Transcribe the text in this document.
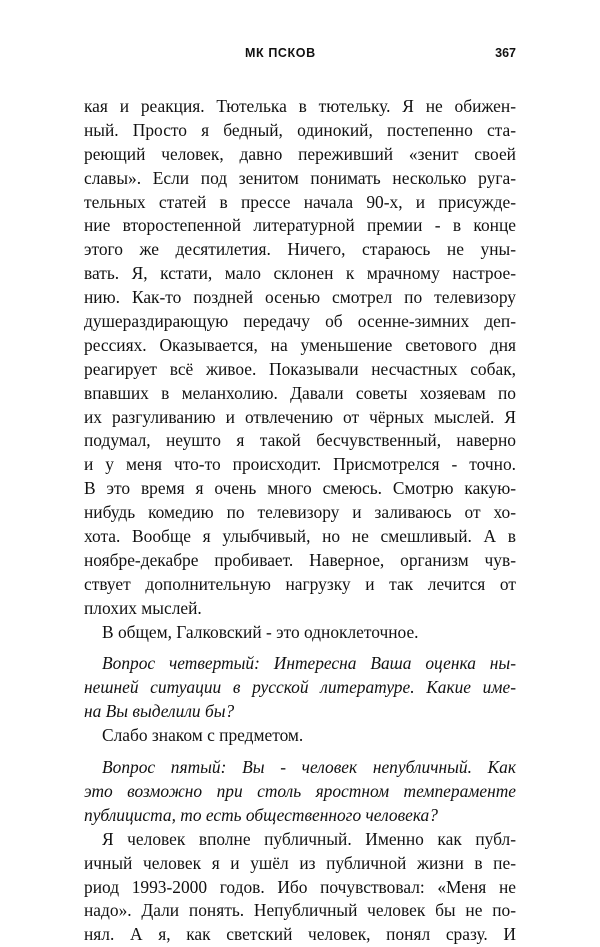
МК ПСКОВ	367
кая и реакция. Тютелька в тютельку. Я не обижен-
ный. Просто я бедный, одинокий, постепенно ста-
реющий человек, давно переживший «зенит своей
славы». Если под зенитом понимать несколько руга-
тельных статей в прессе начала 90-х, и присужде-
ние второстепенной литературной премии - в конце
этого же десятилетия. Ничего, стараюсь не уны-
вать. Я, кстати, мало склонен к мрачному настрое-
нию. Как-то поздней осенью смотрел по телевизору
душераздирающую передачу об осенне-зимних деп-
рессиях. Оказывается, на уменьшение светового дня
реагирует всё живое. Показывали несчастных собак,
впавших в меланхолию. Давали советы хозяевам по
их разгуливанию и отвлечению от чёрных мыслей. Я
подумал, неуштo я такой бесчувственный, наверно
и у меня что-то происходит. Присмотрелся - точно.
В это время я очень много смеюсь. Смотрю какую-
нибудь комедию по телевизору и заливаюсь от хо-
хота. Вообще я улыбчивый, но не смешливый. А в
ноябре-декабре пробивает. Наверное, организм чув-
ствует дополнительную нагрузку и так лечится от
плохих мыслей.
В общем, Галковский - это одноклеточное.
Вопрос четвертый: Интересна Ваша оценка ны-
нешней ситуации в русской литературе. Какие име-
на Вы выделили бы?
Слабо знаком с предметом.
Вопрос пятый: Вы - человек непубличный. Как
это возможно при столь яростном темпераменте
публициста, то есть общественного человека?
Я человек вполне публичный. Именно как публ-
ичный человек я и ушёл из публичной жизни в пе-
риод 1993-2000 годов. Ибо почувствовал: «Меня не
надо». Дали понять. Непубличный человек бы не по-
нял. А я, как светский человек, понял сразу. И
